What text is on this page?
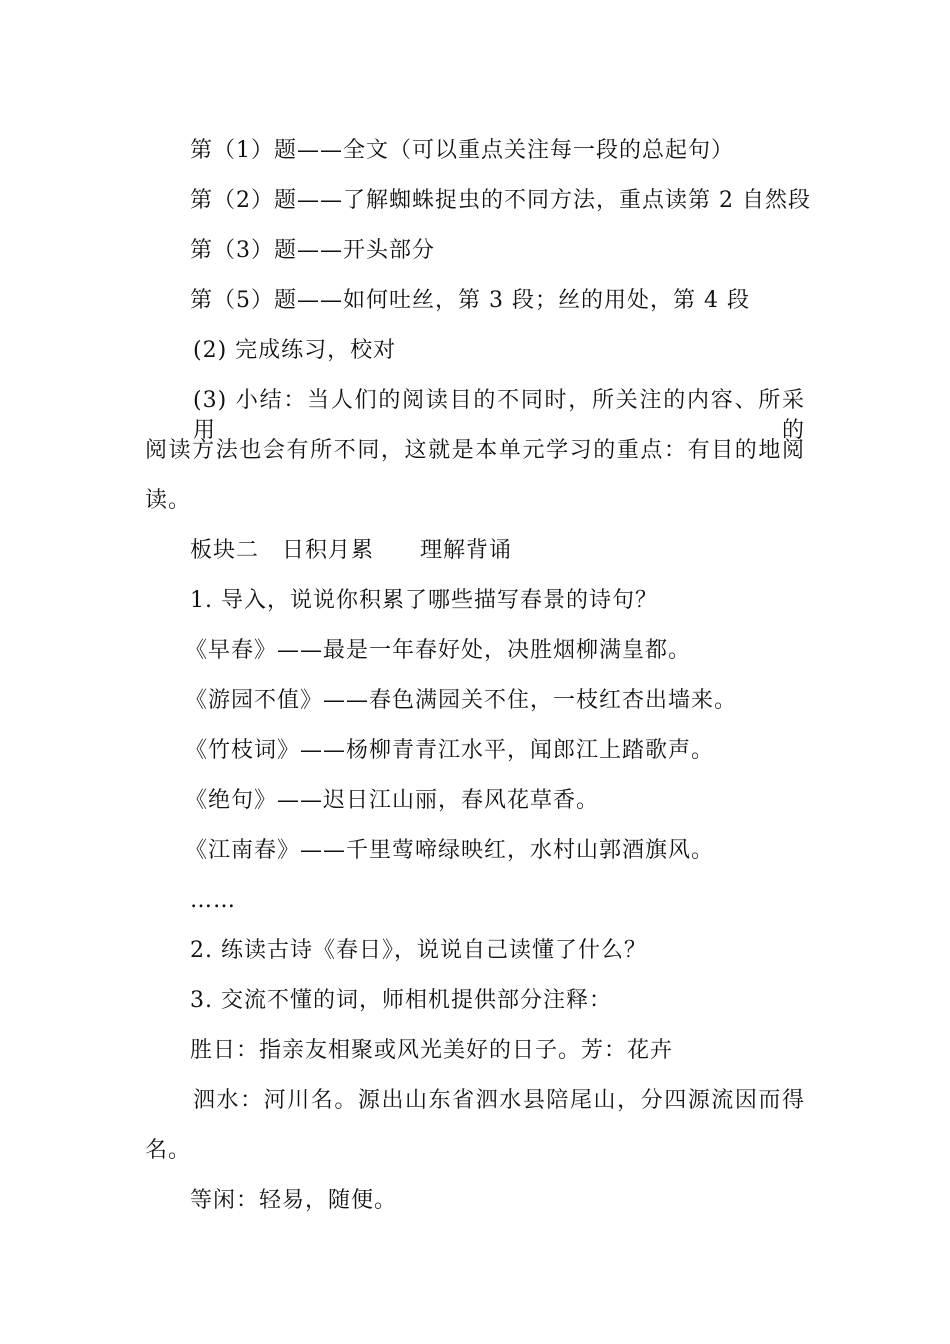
第（1）题——全文（可以重点关注每一段的总起句）
第（2）题——了解蜘蛛捉虫的不同方法，重点读第 2 自然段
第（3）题——开头部分
第（5）题——如何吐丝，第 3 段；丝的用处，第 4 段
(2) 完成练习，校对
(3) 小结：当人们的阅读目的不同时，所关注的内容、所采用的
阅读方法也会有所不同，这就是本单元学习的重点：有目的地阅
读。
板块二　日积月累　　理解背诵
1. 导入，说说你积累了哪些描写春景的诗句？
《早春》——最是一年春好处，决胜烟柳满皇都。
《游园不值》——春色满园关不住，一枝红杏出墙来。
《竹枝词》——杨柳青青江水平，闻郎江上踏歌声。
《绝句》——迟日江山丽，春风花草香。
《江南春》——千里莺啼绿映红，水村山郭酒旗风。
……
2. 练读古诗《春日》，说说自己读懂了什么？
3. 交流不懂的词，师相机提供部分注释：
胜日：指亲友相聚或风光美好的日子。芳：花卉
泗水：河川名。源出山东省泗水县陪尾山，分四源流因而得
名。
等闲：轻易，随便。
